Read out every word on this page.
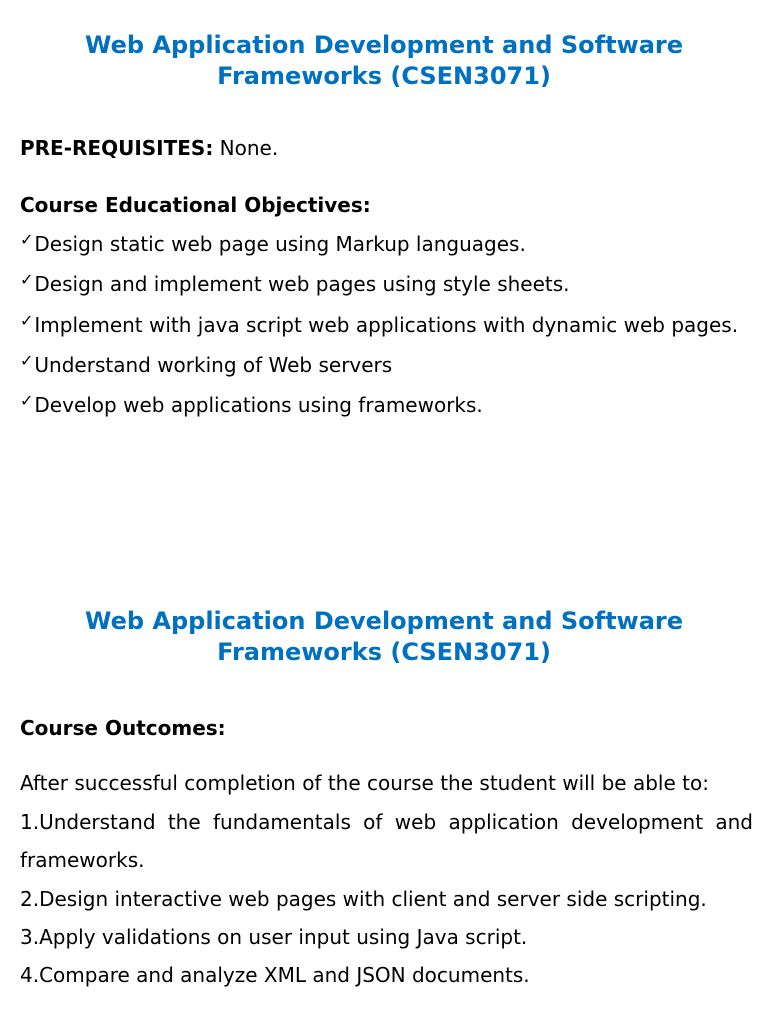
Web Application Development and Software
Frameworks (CSEN3071)

PRE-REQUISITES: None.

Course Educational Objectives:

✓Design static web page using Markup languages.

✓Design and implement web pages using style sheets.

✓Implement with java script web applications with dynamic web pages.

✓Understand working of Web servers

✓Develop web applications using frameworks.

Web Application Development and Software
Frameworks (CSEN3071)

Course Outcomes:

After successful completion of the course the student will be able to:

1.Understand the fundamentals of web application development and frameworks.

2.Design interactive web pages with client and server side scripting.

3.Apply validations on user input using Java script.

4.Compare and analyze XML and JSON documents.
